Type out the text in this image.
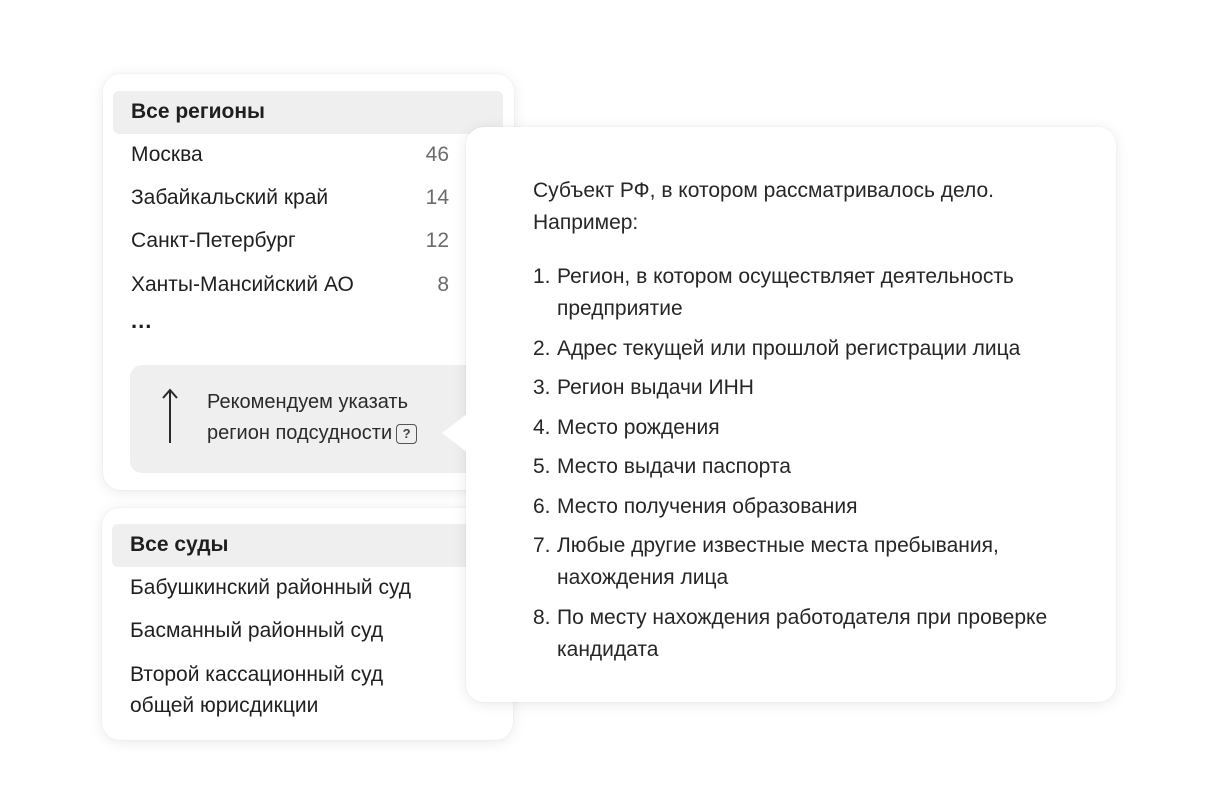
Все регионы
Москва	46
Забайкальский край	14
Санкт-Петербург	12
Ханты-Мансийский АО	8
...
Рекомендуем указать
регион подсудности ?
Все суды
Бабушкинский районный суд
Басманный районный суд
Второй кассационный суд
общей юрисдикции
Субъект РФ, в котором рассматривалось дело.
Например:
1. Регион, в котором осуществляет деятельность
предприятие
2. Адрес текущей или прошлой регистрации лица
3. Регион выдачи ИНН
4. Место рождения
5. Место выдачи паспорта
6. Место получения образования
7. Любые другие известные места пребывания,
нахождения лица
8. По месту нахождения работодателя при проверке
кандидата
